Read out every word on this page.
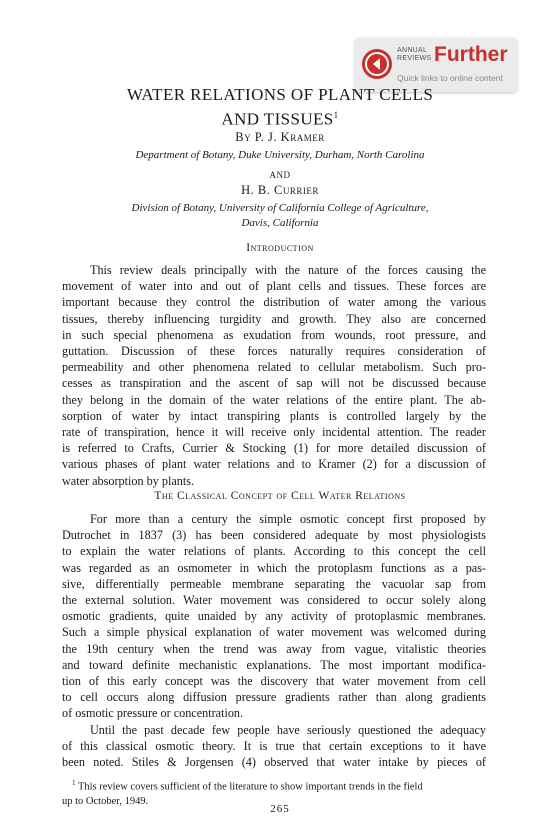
ANNUAL
REVIEWS Further
Quick links to online content
WATER RELATIONS OF PLANT CELLS
AND TISSUES$^1$
By P. J. Kramer
Department of Botany, Duke University, Durham, North Carolina
AND
H. B. Currier
Division of Botany, University of California College of Agriculture,
Davis, California
Introduction
This review deals principally with the nature of the forces causing the
movement of water into and out of plant cells and tissues. These forces are
important because they control the distribution of water among the various
tissues, thereby influencing turgidity and growth. They also are concerned
in such special phenomena as exudation from wounds, root pressure, and
guttation. Discussion of these forces naturally requires consideration of
permeability and other phenomena related to cellular metabolism. Such pro-
cesses as transpiration and the ascent of sap will not be discussed because
they belong in the domain of the water relations of the entire plant. The ab-
sorption of water by intact transpiring plants is controlled largely by the
rate of transpiration, hence it will receive only incidental attention. The reader
is referred to Crafts, Currier & Stocking (1) for more detailed discussion of
various phases of plant water relations and to Kramer (2) for a discussion of
water absorption by plants.
The Classical Concept of Cell Water Relations
For more than a century the simple osmotic concept first proposed by
Dutrochet in 1837 (3) has been considered adequate by most physiologists
to explain the water relations of plants. According to this concept the cell
was regarded as an osmometer in which the protoplasm functions as a pas-
sive, differentially permeable membrane separating the vacuolar sap from
the external solution. Water movement was considered to occur solely along
osmotic gradients, quite unaided by any activity of protoplasmic membranes.
Such a simple physical explanation of water movement was welcomed during
the 19th century when the trend was away from vague, vitalistic theories
and toward definite mechanistic explanations. The most important modifica-
tion of this early concept was the discovery that water movement from cell
to cell occurs along diffusion pressure gradients rather than along gradients
of osmotic pressure or concentration.
Until the past decade few people have seriously questioned the adequacy
of this classical osmotic theory. It is true that certain exceptions to it have
been noted. Stiles & Jorgensen (4) observed that water intake by pieces of
$^1$ This review covers sufficient of the literature to show important trends in the field
up to October, 1949.
265
